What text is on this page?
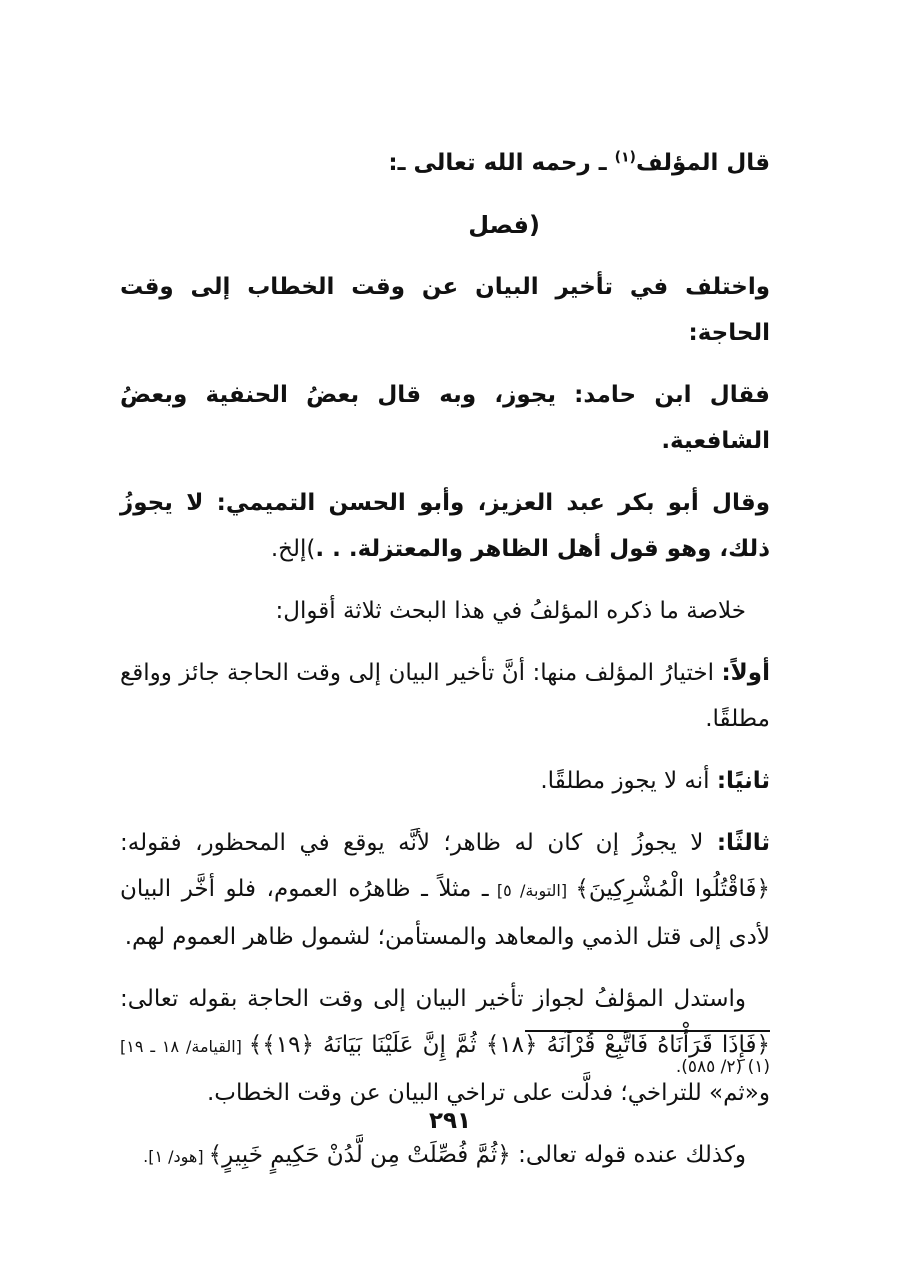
قال المؤلف$^{(١)}$ ـ رحمه الله تعالى ـ:

(فصل

واختلف في تأخير البيان عن وقت الخطاب إلى وقت الحاجة:

فقال ابن حامد: يجوز، وبه قال بعضُ الحنفية وبعضُ الشافعية.

وقال أبو بكر عبد العزيز، وأبو الحسن التميمي: لا يجوزُ ذلك، وهو قول أهل الظاهر والمعتزلة. . .)إلخ.

خلاصة ما ذكره المؤلفُ في هذا البحث ثلاثة أقوال:

أولاً: اختيارُ المؤلف منها: أنَّ تأخير البيان إلى وقت الحاجة جائز وواقع مطلقًا.

ثانيًا: أنه لا يجوز مطلقًا.

ثالثًا: لا يجوزُ إن كان له ظاهر؛ لأنَّه يوقع في المحظور، فقوله: ﴿فَاقْتُلُوا الْمُشْرِكِينَ﴾ [التوبة/ ٥] ـ مثلاً ـ ظاهرُه العموم، فلو أخَّر البيان لأدى إلى قتل الذمي والمعاهد والمستأمن؛ لشمول ظاهر العموم لهم.

واستدل المؤلفُ لجواز تأخير البيان إلى وقت الحاجة بقوله تعالى: ﴿فَإِذَا قَرَأْنَاهُ فَاتَّبِعْ قُرْآنَهُ ﴿١٨﴾ ثُمَّ إِنَّ عَلَيْنَا بَيَانَهُ ﴿١٩﴾﴾ [القيامة/ ١٨ ـ ١٩] و«ثم» للتراخي؛ فدلَّت على تراخي البيان عن وقت الخطاب.

وكذلك عنده قوله تعالى: ﴿ثُمَّ فُصِّلَتْ مِن لَّدُنْ حَكِيمٍ خَبِيرٍ﴾ [هود/ ١].

(١) (٢/ ٥٨٥).
٢٩١
